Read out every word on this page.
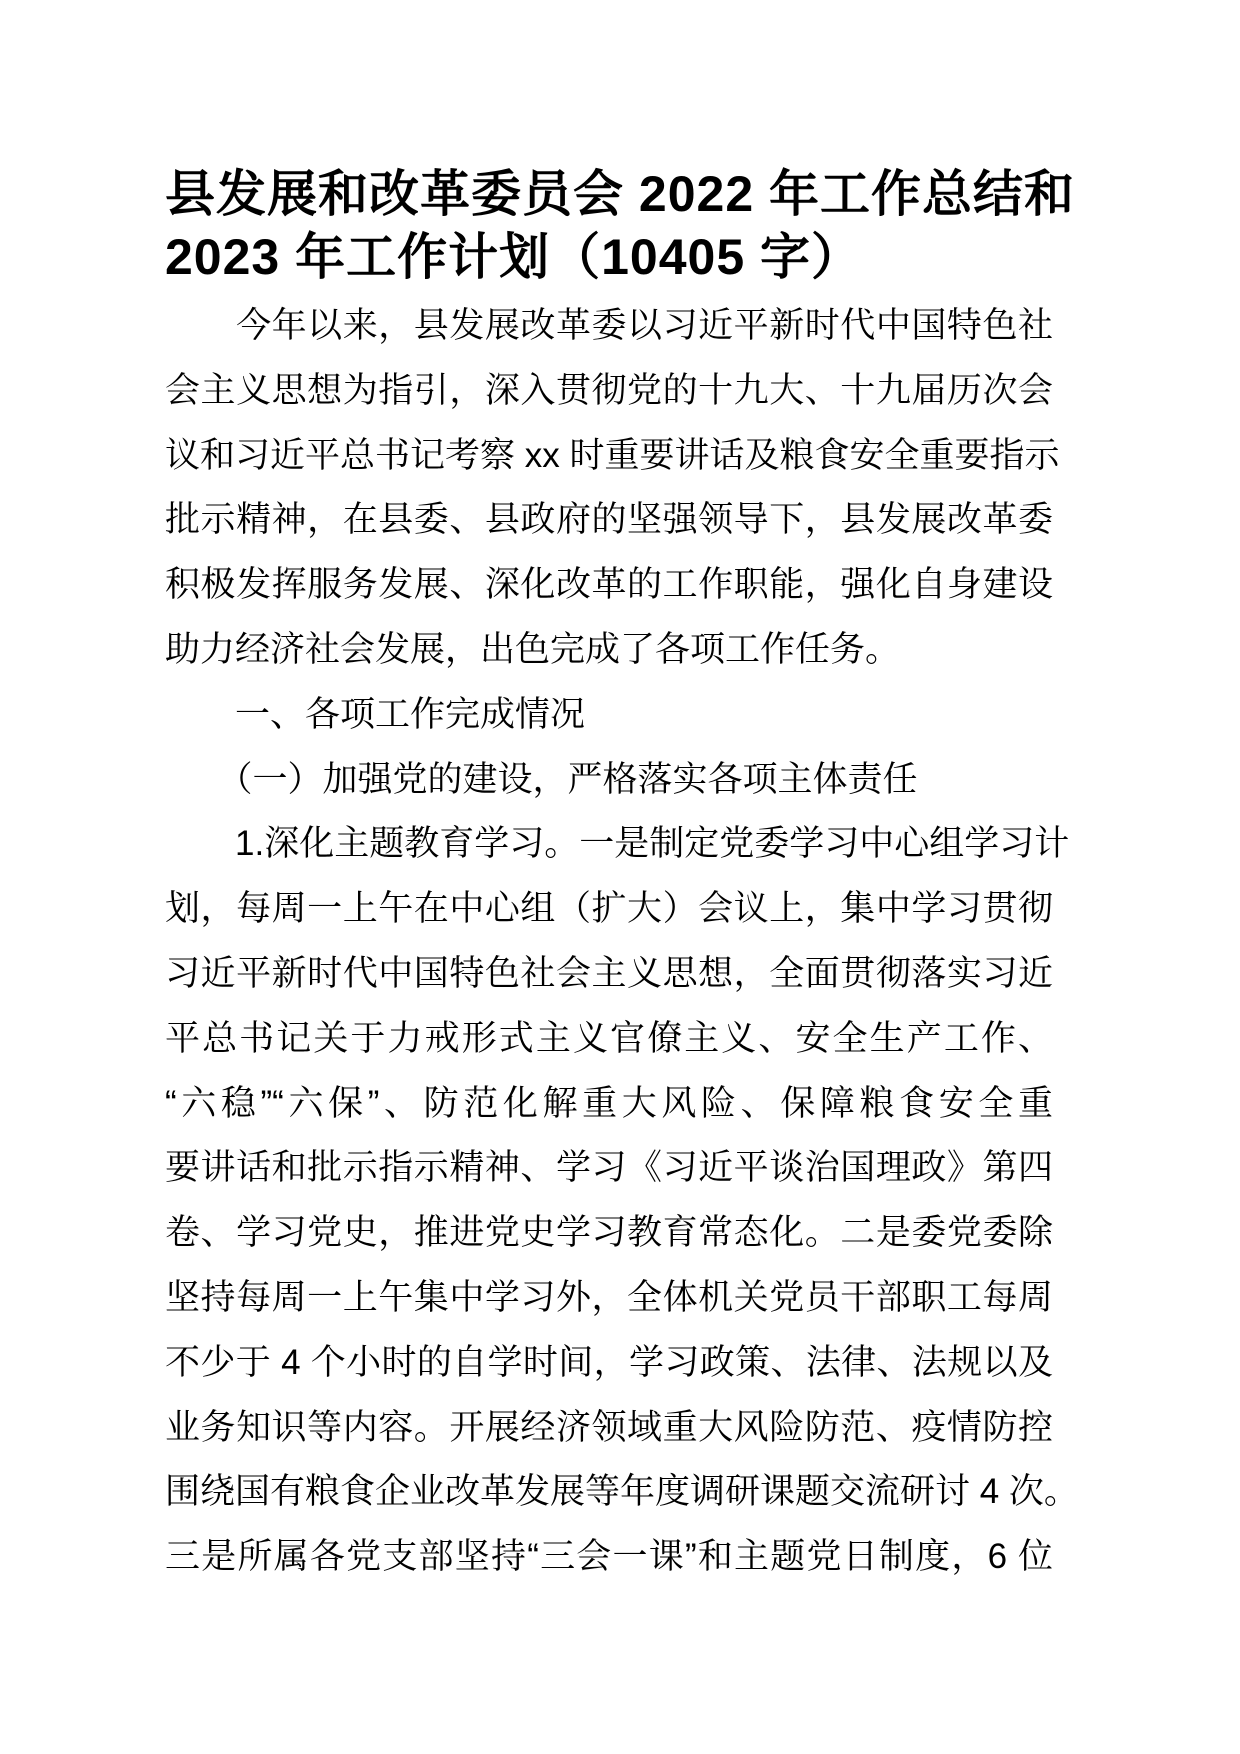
县发展和改革委员会 2022 年工作总结和
2023 年工作计划（10405 字）
　　今年以来，县发展改革委以习近平新时代中国特色社
会主义思想为指引，深入贯彻党的十九大、十九届历次会
议和习近平总书记考察 xx 时重要讲话及粮食安全重要指示
批示精神，在县委、县政府的坚强领导下，县发展改革委
积极发挥服务发展、深化改革的工作职能，强化自身建设
助力经济社会发展，出色完成了各项工作任务。
　　一、各项工作完成情况
　　（一）加强党的建设，严格落实各项主体责任
　　1.深化主题教育学习。一是制定党委学习中心组学习计
划，每周一上午在中心组（扩大）会议上，集中学习贯彻
习近平新时代中国特色社会主义思想，全面贯彻落实习近
平总书记关于力戒形式主义官僚主义、安全生产工作、
“六稳”“六保”、防范化解重大风险、保障粮食安全重
要讲话和批示指示精神、学习《习近平谈治国理政》第四
卷、学习党史，推进党史学习教育常态化。二是委党委除
坚持每周一上午集中学习外，全体机关党员干部职工每周
不少于 4 个小时的自学时间，学习政策、法律、法规以及
业务知识等内容。开展经济领域重大风险防范、疫情防控
围绕国有粮食企业改革发展等年度调研课题交流研讨 4 次。
三是所属各党支部坚持“三会一课”和主题党日制度，6 位
